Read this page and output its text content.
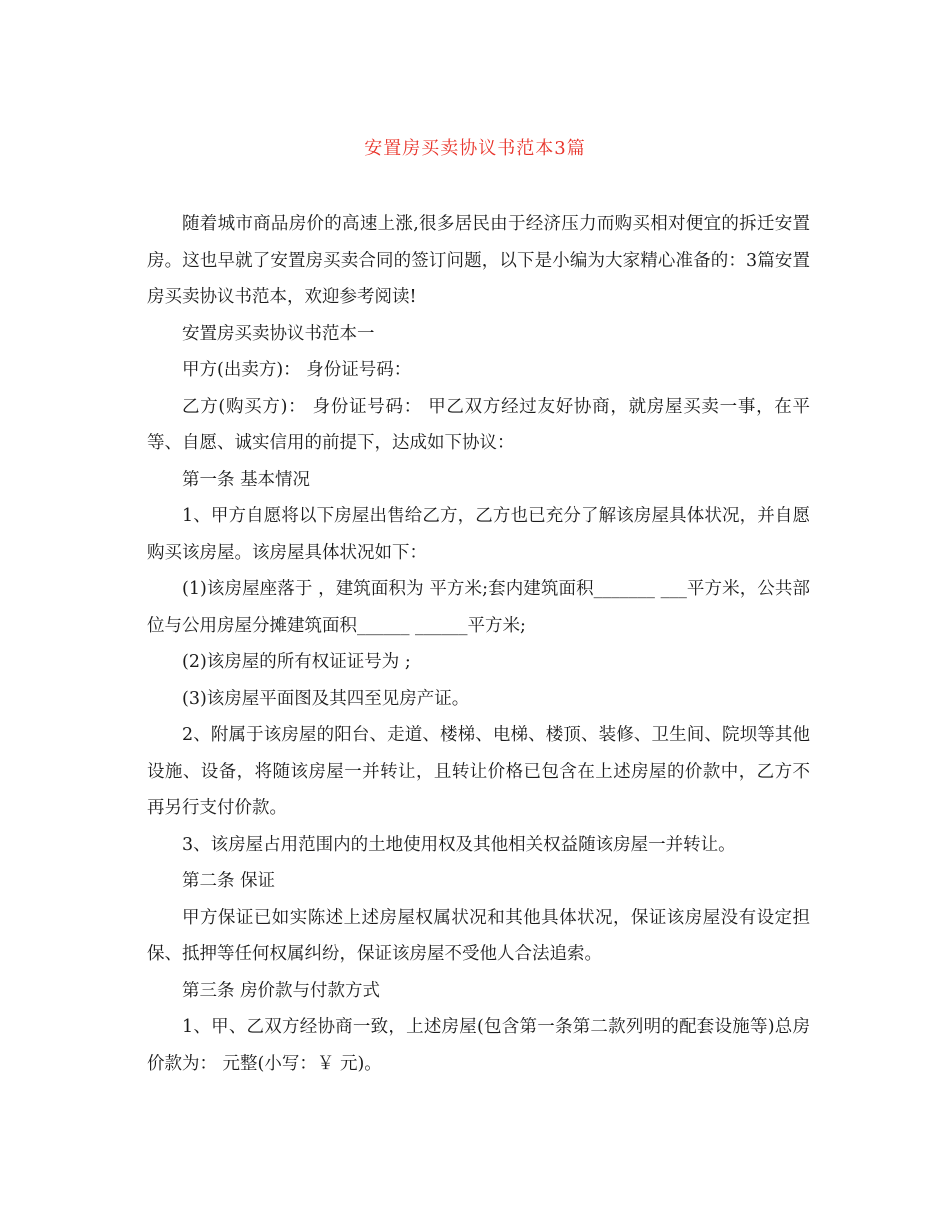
安置房买卖协议书范本3篇

随着城市商品房价的高速上涨,很多居民由于经济压力而购买相对便宜的拆迁安置房。这也早就了安置房买卖合同的签订问题，以下是小编为大家精心准备的：3篇安置房买卖协议书范本，欢迎参考阅读!

安置房买卖协议书范本一

甲方(出卖方)： 身份证号码：

乙方(购买方)： 身份证号码： 甲乙双方经过友好协商，就房屋买卖一事，在平等、自愿、诚实信用的前提下，达成如下协议：

第一条 基本情况

1、甲方自愿将以下房屋出售给乙方，乙方也已充分了解该房屋具体状况，并自愿购买该房屋。该房屋具体状况如下：

(1)该房屋座落于 ，建筑面积为 平方米;套内建筑面积_______ ___平方米，公共部位与公用房屋分摊建筑面积______ ______平方米;

(2)该房屋的所有权证证号为 ;

(3)该房屋平面图及其四至见房产证。

2、附属于该房屋的阳台、走道、楼梯、电梯、楼顶、装修、卫生间、院坝等其他设施、设备，将随该房屋一并转让，且转让价格已包含在上述房屋的价款中，乙方不再另行支付价款。

3、该房屋占用范围内的土地使用权及其他相关权益随该房屋一并转让。

第二条 保证

甲方保证已如实陈述上述房屋权属状况和其他具体状况，保证该房屋没有设定担保、抵押等任何权属纠纷，保证该房屋不受他人合法追索。

第三条 房价款与付款方式

1、甲、乙双方经协商一致，上述房屋(包含第一条第二款列明的配套设施等)总房价款为： 元整(小写：￥ 元)。
